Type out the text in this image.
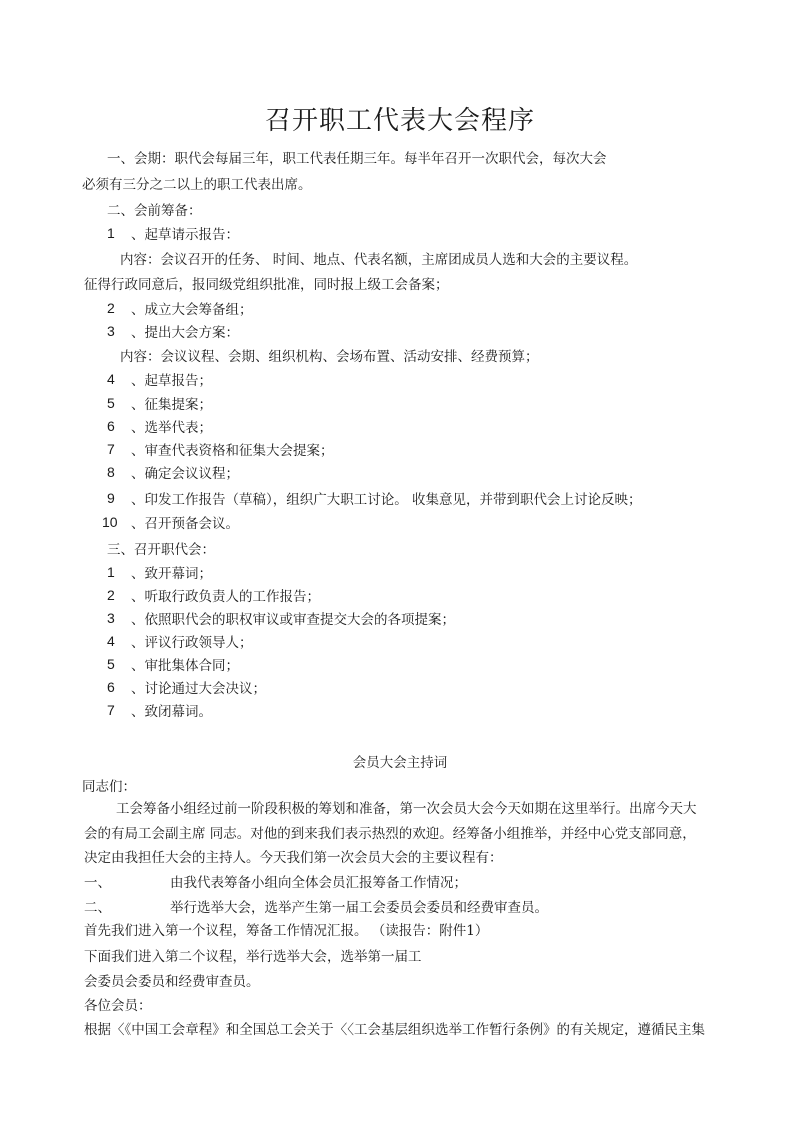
召开职工代表大会程序
一、会期：职代会每届三年，职工代表任期三年。每半年召开一次职代会，每次大会
必须有三分之二以上的职工代表出席。
二、会前筹备：
1 、起草请示报告：
内容：会议召开的任务、 时间、地点、代表名额，主席团成员人选和大会的主要议程。
征得行政同意后，报同级党组织批准，同时报上级工会备案；
2 、成立大会筹备组；
3 、提出大会方案：
内容：会议议程、会期、组织机构、会场布置、活动安排、经费预算；
4 、起草报告；
5 、征集提案；
6 、选举代表；
7 、审查代表资格和征集大会提案；
8 、确定会议议程；
9 、印发工作报告（草稿），组织广大职工讨论。 收集意见，并带到职代会上讨论反映；
10 、召开预备会议。
三、召开职代会：
1 、致开幕词；
2 、听取行政负责人的工作报告；
3 、依照职代会的职权审议或审查提交大会的各项提案；
4 、评议行政领导人；
5 、审批集体合同；
6 、讨论通过大会决议；
7 、致闭幕词。
会员大会主持词
同志们：
工会筹备小组经过前一阶段积极的筹划和准备，第一次会员大会今天如期在这里举行。出席今天大
会的有局工会副主席 同志。对他的到来我们表示热烈的欢迎。经筹备小组推举，并经中心党支部同意，
决定由我担任大会的主持人。今天我们第一次会员大会的主要议程有：
一、	由我代表筹备小组向全体会员汇报筹备工作情况；
二、	举行选举大会，选举产生第一届工会委员会委员和经费审查员。
首先我们进入第一个议程，筹备工作情况汇报。 （读报告：附件1）
下面我们进入第二个议程，举行选举大会，选举第一届工
会委员会委员和经费审查员。
各位会员：
根据〈《中国工会章程》和全国总工会关于〈〈工会基层组织选举工作暂行条例》的有关规定，遵循民主集
